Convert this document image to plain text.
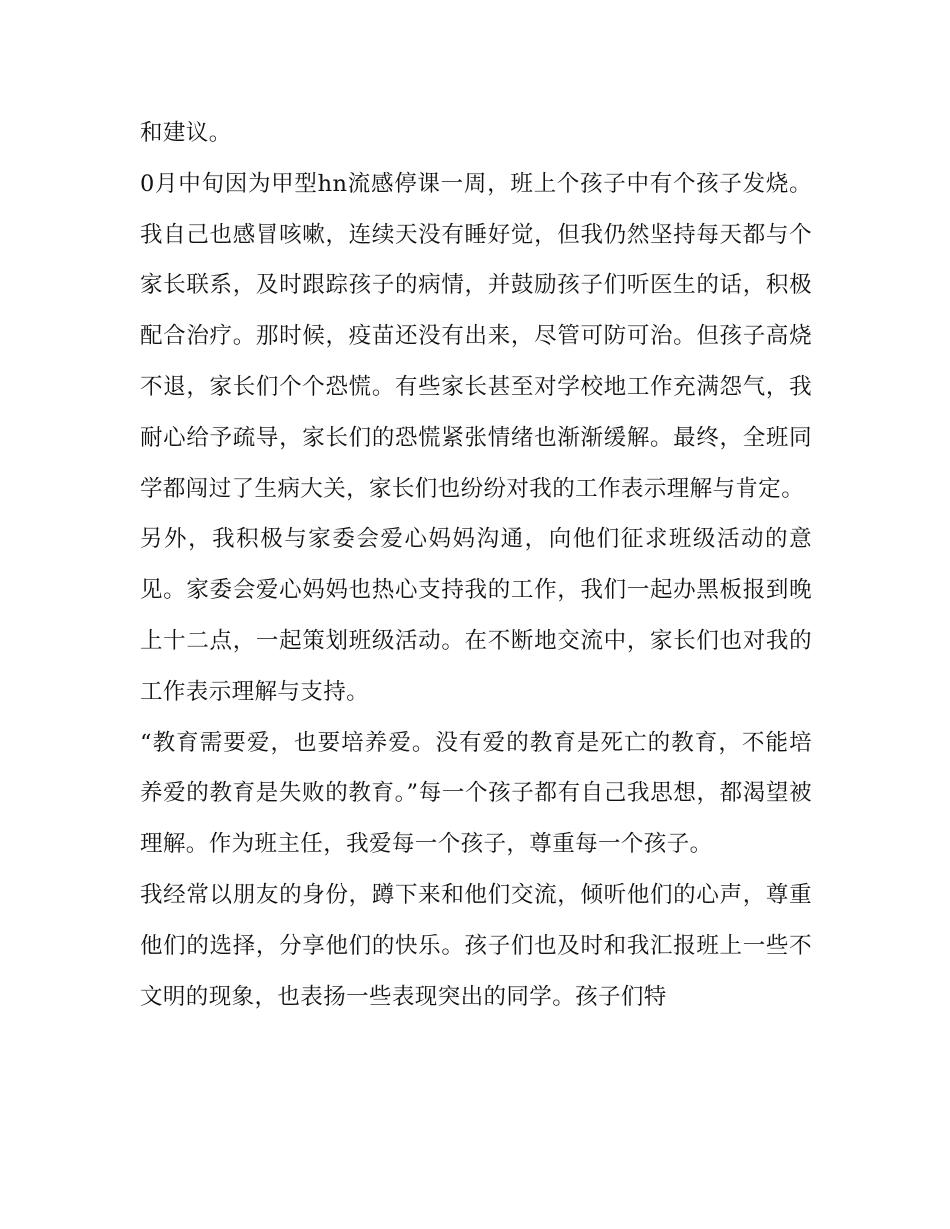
和建议。

0月中旬因为甲型hn流感停课一周，班上个孩子中有个孩子发烧。我自己也感冒咳嗽，连续天没有睡好觉，但我仍然坚持每天都与个家长联系，及时跟踪孩子的病情，并鼓励孩子们听医生的话，积极配合治疗。那时候，疫苗还没有出来，尽管可防可治。但孩子高烧不退，家长们个个恐慌。有些家长甚至对学校地工作充满怨气，我耐心给予疏导，家长们的恐慌紧张情绪也渐渐缓解。最终，全班同学都闯过了生病大关，家长们也纷纷对我的工作表示理解与肯定。

另外，我积极与家委会爱心妈妈沟通，向他们征求班级活动的意见。家委会爱心妈妈也热心支持我的工作，我们一起办黑板报到晚上十二点，一起策划班级活动。在不断地交流中，家长们也对我的工作表示理解与支持。

“教育需要爱，也要培养爱。没有爱的教育是死亡的教育，不能培养爱的教育是失败的教育。”每一个孩子都有自己我思想，都渴望被理解。作为班主任，我爱每一个孩子，尊重每一个孩子。

我经常以朋友的身份，蹲下来和他们交流，倾听他们的心声，尊重他们的选择，分享他们的快乐。孩子们也及时和我汇报班上一些不文明的现象，也表扬一些表现突出的同学。孩子们特
